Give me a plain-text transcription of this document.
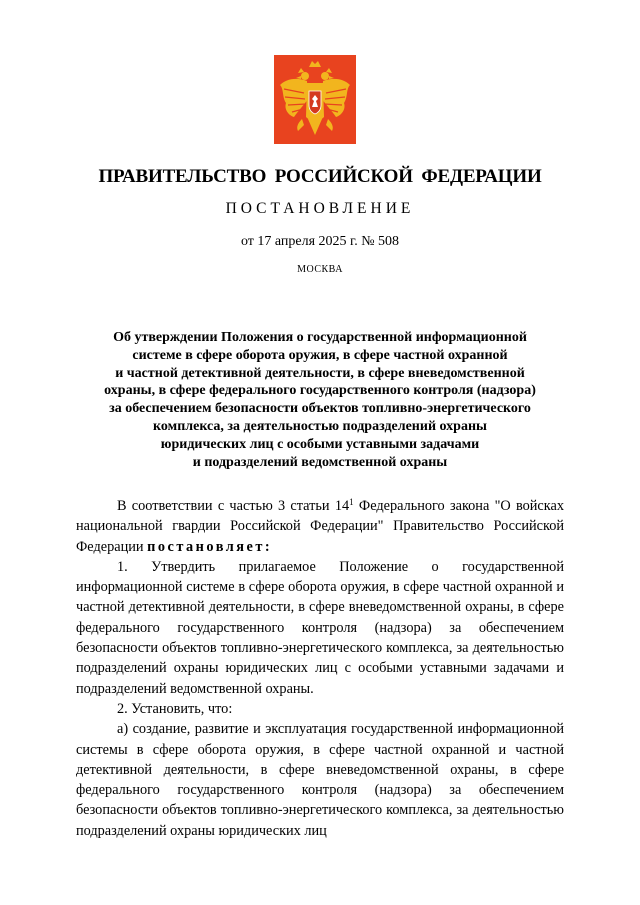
ПРАВИТЕЛЬСТВО РОССИЙСКОЙ ФЕДЕРАЦИИ
ПОСТАНОВЛЕНИЕ
от 17 апреля 2025 г. № 508
МОСКВА
Об утверждении Положения о государственной информационной
системе в сфере оборота оружия, в сфере частной охранной
и частной детективной деятельности, в сфере вневедомственной
охраны, в сфере федерального государственного контроля (надзора)
за обеспечением безопасности объектов топливно-энергетического
комплекса, за деятельностью подразделений охраны
юридических лиц с особыми уставными задачами
и подразделений ведомственной охраны

В соответствии с частью 3 статьи $14^1$ Федерального закона "О войсках национальной гвардии Российской Федерации" Правительство Российской Федерации постановляет:

1. Утвердить прилагаемое Положение о государственной информационной системе в сфере оборота оружия, в сфере частной охранной и частной детективной деятельности, в сфере вневедомственной охраны, в сфере федерального государственного контроля (надзора) за обеспечением безопасности объектов топливно-энергетического комплекса, за деятельностью подразделений охраны юридических лиц с особыми уставными задачами и подразделений ведомственной охраны.

2. Установить, что:

а) создание, развитие и эксплуатация государственной информационной системы в сфере оборота оружия, в сфере частной охранной и частной детективной деятельности, в сфере вневедомственной охраны, в сфере федерального государственного контроля (надзора) за обеспечением безопасности объектов топливно-энергетического комплекса, за деятельностью подразделений охраны юридических лиц
